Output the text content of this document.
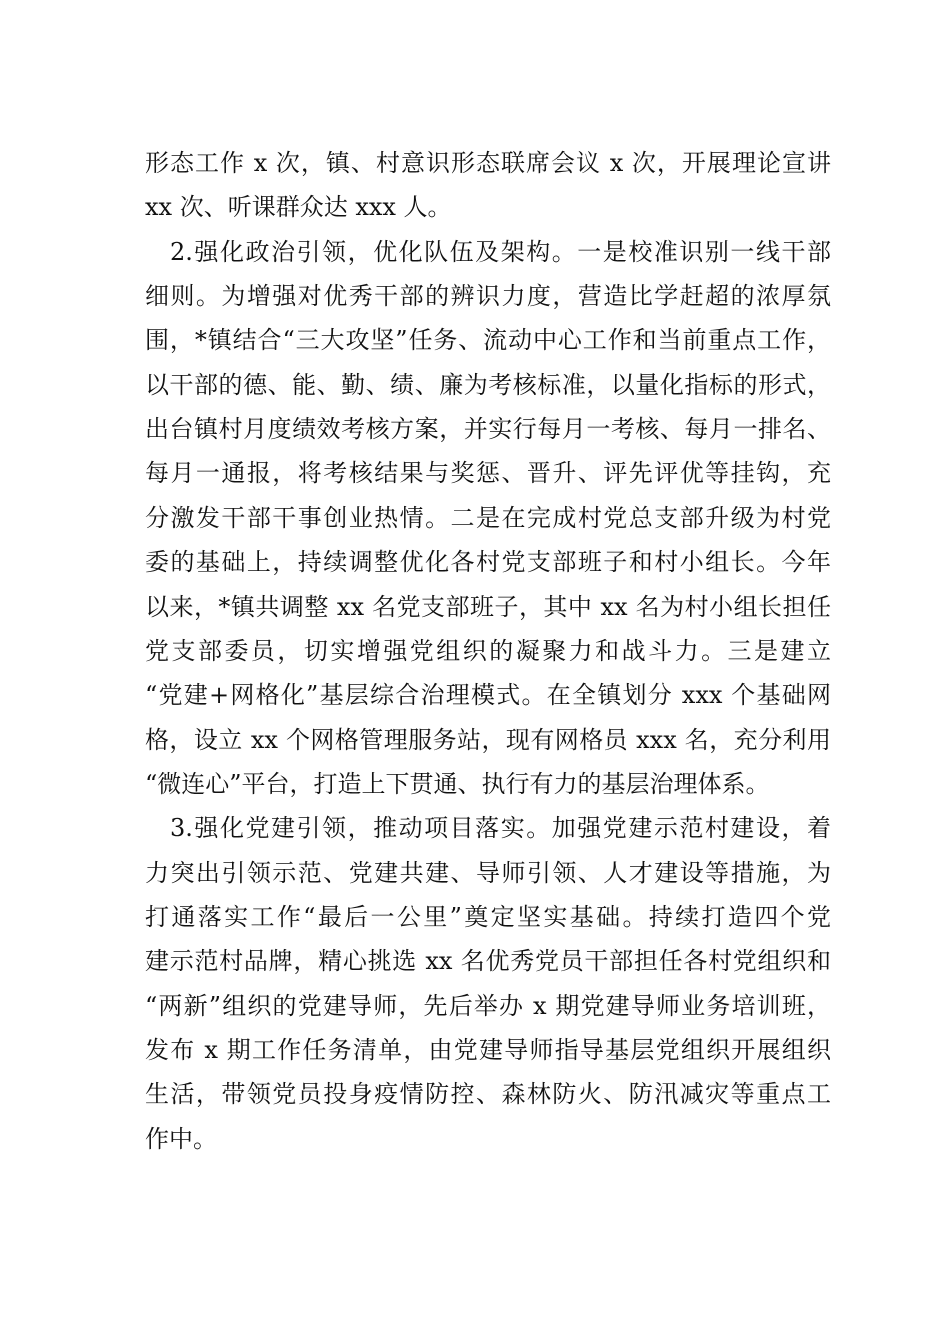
形态工作 x 次，镇、村意识形态联席会议 x 次，开展理论宣讲
xx 次、听课群众达 xxx 人。
2.强化政治引领，优化队伍及架构。一是校准识别一线干部
细则。为增强对优秀干部的辨识力度，营造比学赶超的浓厚氛
围，*镇结合“三大攻坚”任务、流动中心工作和当前重点工作，
以干部的德、能、勤、绩、廉为考核标准，以量化指标的形式，
出台镇村月度绩效考核方案，并实行每月一考核、每月一排名、
每月一通报，将考核结果与奖惩、晋升、评先评优等挂钩，充
分激发干部干事创业热情。二是在完成村党总支部升级为村党
委的基础上，持续调整优化各村党支部班子和村小组长。今年
以来，*镇共调整 xx 名党支部班子，其中 xx 名为村小组长担任
党支部委员，切实增强党组织的凝聚力和战斗力。三是建立
“党建+网格化”基层综合治理模式。在全镇划分 xxx 个基础网
格，设立 xx 个网格管理服务站，现有网格员 xxx 名，充分利用
“微连心”平台，打造上下贯通、执行有力的基层治理体系。
3.强化党建引领，推动项目落实。加强党建示范村建设，着
力突出引领示范、党建共建、导师引领、人才建设等措施，为
打通落实工作“最后一公里”奠定坚实基础。持续打造四个党
建示范村品牌，精心挑选 xx 名优秀党员干部担任各村党组织和
“两新”组织的党建导师，先后举办 x 期党建导师业务培训班，
发布 x 期工作任务清单，由党建导师指导基层党组织开展组织
生活，带领党员投身疫情防控、森林防火、防汛减灾等重点工
作中。
